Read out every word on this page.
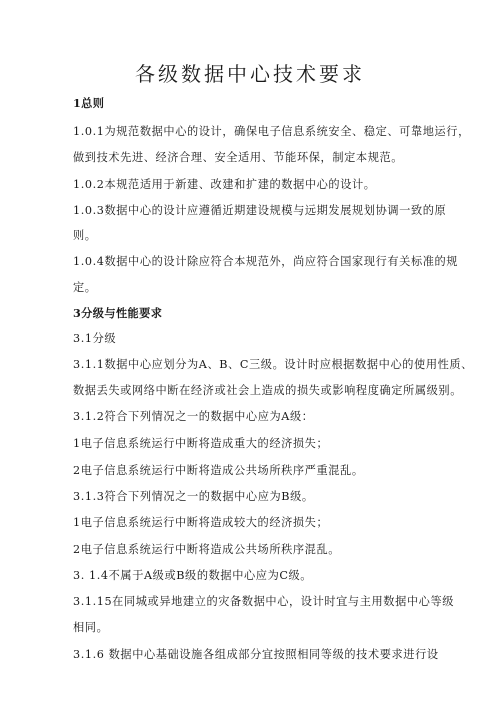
各级数据中心技术要求
1总则
1.0.1为规范数据中心的设计，确保电子信息系统安全、稳定、可靠地运行，
做到技术先进、经济合理、安全适用、节能环保，制定本规范。
1.0.2本规范适用于新建、改建和扩建的数据中心的设计。
1.0.3数据中心的设计应遵循近期建设规模与远期发展规划协调一致的原
则。
1.0.4数据中心的设计除应符合本规范外，尚应符合国家现行有关标准的规
定。
3分级与性能要求
3.1分级
3.1.1数据中心应划分为A、B、C三级。设计时应根据数据中心的使用性质、
数据丢失或网络中断在经济或社会上造成的损失或影响程度确定所属级别。
3.1.2符合下列情况之一的数据中心应为A级：
1电子信息系统运行中断将造成重大的经济损失；
2电子信息系统运行中断将造成公共场所秩序严重混乱。
3.1.3符合下列情况之一的数据中心应为B级。
1电子信息系统运行中断将造成较大的经济损失；
2电子信息系统运行中断将造成公共场所秩序混乱。
3. 1.4不属于A级或B级的数据中心应为C级。
3.1.15在同城或异地建立的灾备数据中心，设计时宜与主用数据中心等级
相同。
3.1.6 数据中心基础设施各组成部分宜按照相同等级的技术要求进行设
